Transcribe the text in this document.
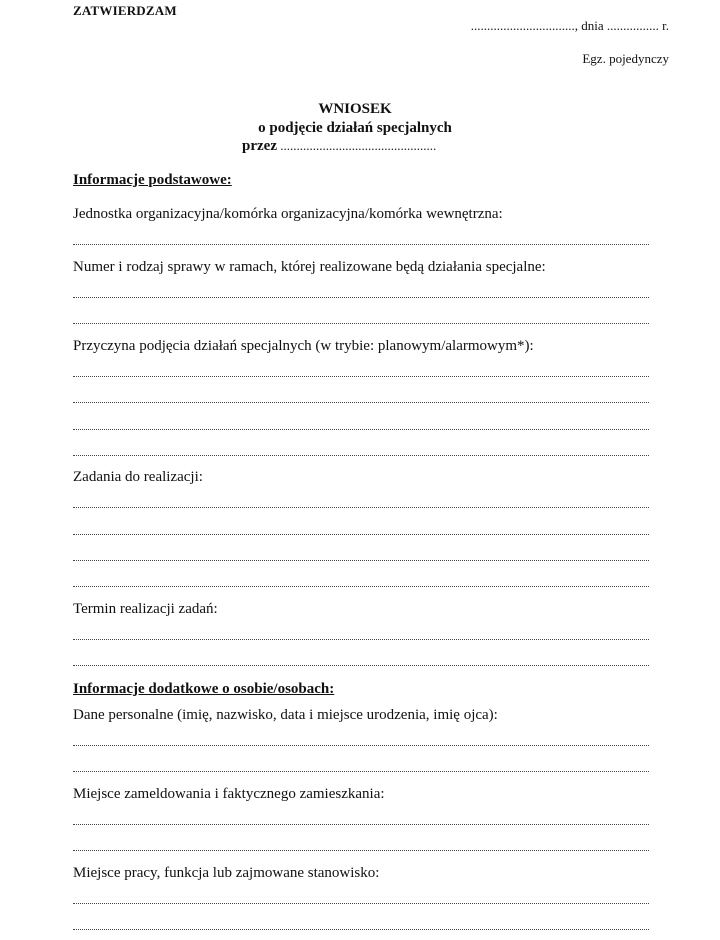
ZATWIERDZAM
................................, dnia ................ r.
Egz. pojedynczy
WNIOSEK
o podjęcie działań specjalnych
przez ................................................
Informacje podstawowe:
Jednostka organizacyjna/komórka organizacyjna/komórka wewnętrzna:
Numer i rodzaj sprawy w ramach, której realizowane będą działania specjalne:
Przyczyna podjęcia działań specjalnych (w trybie: planowym/alarmowym*):
Zadania do realizacji:
Termin realizacji zadań:
Informacje dodatkowe o osobie/osobach:
Dane personalne (imię, nazwisko, data i miejsce urodzenia, imię ojca):
Miejsce zameldowania i faktycznego zamieszkania:
Miejsce pracy, funkcja lub zajmowane stanowisko:
